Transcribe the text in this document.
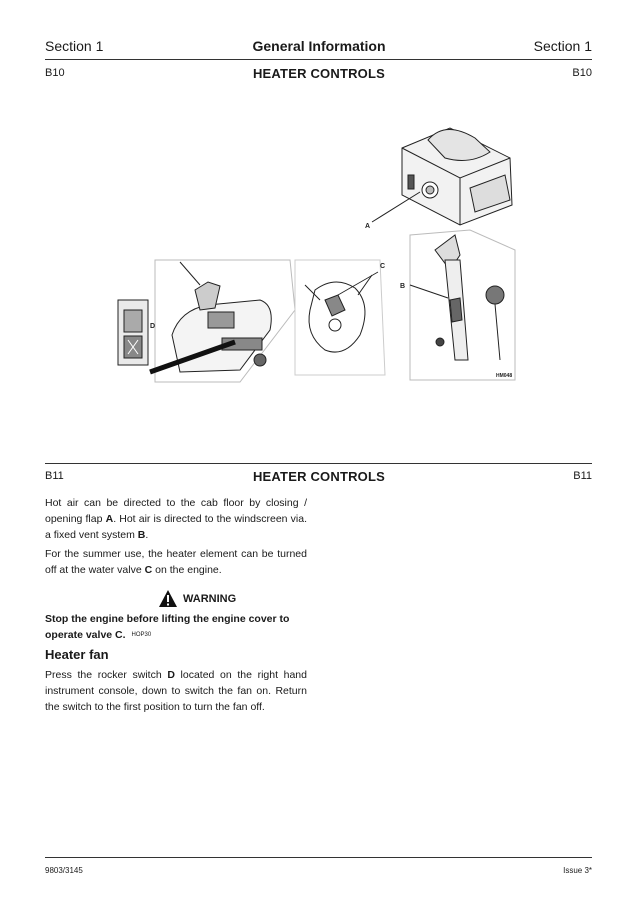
Section 1	General Information	Section 1
B10	HEATER CONTROLS	B10
A
B
C
D
HM048
B11	HEATER CONTROLS	B11

Hot air can be directed to the cab floor by closing / opening flap A. Hot air is directed to the windscreen via. a fixed vent system B.

For the summer use, the heater element can be turned off at the water valve C on the engine.

WARNING
Stop the engine before lifting the engine cover to operate valve C. HOP30
Heater fan

Press the rocker switch D located on the right hand instrument console, down to switch the fan on. Return the switch to the first position to turn the fan off.

9803/3145	Issue 3*
